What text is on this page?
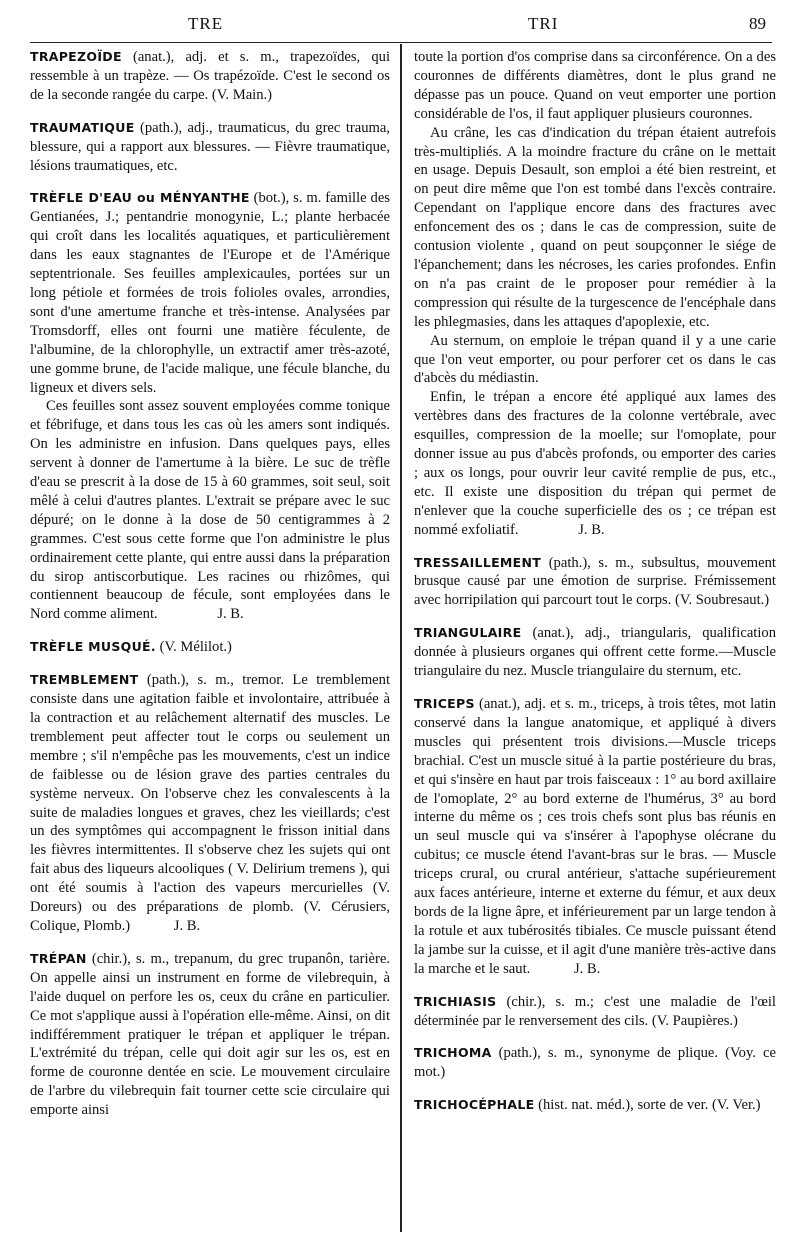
TRE	TRI	89

TRAPEZOÏDE (anat.), adj. et s. m., trapezoïdes, qui ressemble à un trapèze. — Os trapézoïde. C'est le second os de la seconde rangée du carpe. (V. Main.)

TRAUMATIQUE (path.), adj., traumaticus, du grec trauma, blessure, qui a rapport aux blessures. — Fièvre traumatique, lésions traumatiques, etc.

TRÈFLE D'EAU ou MÉNYANTHE (bot.), s. m. famille des Gentianées, J.; pentandrie monogynie, L.; plante herbacée qui croît dans les localités aquatiques, et particulièrement dans les eaux stagnantes de l'Europe et de l'Amérique septentrionale. Ses feuilles amplexicaules, portées sur un long pétiole et formées de trois folioles ovales, arrondies, sont d'une amertume franche et très-intense. Analysées par Tromsdorff, elles ont fourni une matière féculente, de l'albumine, de la chlorophylle, un extractif amer très-azoté, une gomme brune, de l'acide malique, une fécule blanche, du ligneux et divers sels.

Ces feuilles sont assez souvent employées comme tonique et fébrifuge, et dans tous les cas où les amers sont indiqués. On les administre en infusion. Dans quelques pays, elles servent à donner de l'amertume à la bière. Le suc de trèfle d'eau se prescrit à la dose de 15 à 60 grammes, soit seul, soit mêlé à celui d'autres plantes. L'extrait se prépare avec le suc dépuré; on le donne à la dose de 50 centigrammes à 2 grammes. C'est sous cette forme que l'on administre le plus ordinairement cette plante, qui entre aussi dans la préparation du sirop antiscorbutique. Les racines ou rhizômes, qui contiennent beaucoup de fécule, sont employées dans le Nord comme aliment.	J. B.

TRÈFLE MUSQUÉ. (V. Mélilot.)

TREMBLEMENT (path.), s. m., tremor. Le tremblement consiste dans une agitation faible et involontaire, attribuée à la contraction et au relâchement alternatif des muscles. Le tremblement peut affecter tout le corps ou seulement un membre ; s'il n'empêche pas les mouvements, c'est un indice de faiblesse ou de lésion grave des parties centrales du système nerveux. On l'observe chez les convalescents à la suite de maladies longues et graves, chez les vieillards; c'est un des symptômes qui accompagnent le frisson initial dans les fièvres intermittentes. Il s'observe chez les sujets qui ont fait abus des liqueurs alcooliques ( V. Delirium tremens ), qui ont été soumis à l'action des vapeurs mercurielles (V. Doreurs) ou des préparations de plomb. (V. Cérusiers, Colique, Plomb.)	J. B.

TRÉPAN (chir.), s. m., trepanum, du grec trupanôn, tarière. On appelle ainsi un instrument en forme de vilebrequin, à l'aide duquel on perfore les os, ceux du crâne en particulier. Ce mot s'applique aussi à l'opération elle-même. Ainsi, on dit indifféremment pratiquer le trépan et appliquer le trépan. L'extrémité du trépan, celle qui doit agir sur les os, est en forme de couronne dentée en scie. Le mouvement circulaire de l'arbre du vilebrequin fait tourner cette scie circulaire qui emporte ainsi

toute la portion d'os comprise dans sa circonférence. On a des couronnes de différents diamètres, dont le plus grand ne dépasse pas un pouce. Quand on veut emporter une portion considérable de l'os, il faut appliquer plusieurs couronnes.

Au crâne, les cas d'indication du trépan étaient autrefois très-multipliés. A la moindre fracture du crâne on le mettait en usage. Depuis Desault, son emploi a été bien restreint, et on peut dire même que l'on est tombé dans l'excès contraire. Cependant on l'applique encore dans des fractures avec enfoncement des os ; dans le cas de compression, suite de contusion violente , quand on peut soupçonner le siége de l'épanchement; dans les nécroses, les caries profondes. Enfin on n'a pas craint de le proposer pour remédier à la compression qui résulte de la turgescence de l'encéphale dans les phlegmasies, dans les attaques d'apoplexie, etc.

Au sternum, on emploie le trépan quand il y a une carie que l'on veut emporter, ou pour perforer cet os dans le cas d'abcès du médiastin.

Enfin, le trépan a encore été appliqué aux lames des vertèbres dans des fractures de la colonne vertébrale, avec esquilles, compression de la moelle; sur l'omoplate, pour donner issue au pus d'abcès profonds, ou emporter des caries ; aux os longs, pour ouvrir leur cavité remplie de pus, etc., etc. Il existe une disposition du trépan qui permet de n'enlever que la couche superficielle des os ; ce trépan est nommé exfoliatif.	J. B.

TRESSAILLEMENT (path.), s. m., subsultus, mouvement brusque causé par une émotion de surprise. Frémissement avec horripilation qui parcourt tout le corps. (V. Soubresaut.)

TRIANGULAIRE (anat.), adj., triangularis, qualification donnée à plusieurs organes qui offrent cette forme.—Muscle triangulaire du nez. Muscle triangulaire du sternum, etc.

TRICEPS (anat.), adj. et s. m., triceps, à trois têtes, mot latin conservé dans la langue anatomique, et appliqué à divers muscles qui présentent trois divisions.—Muscle triceps brachial. C'est un muscle situé à la partie postérieure du bras, et qui s'insère en haut par trois faisceaux : 1° au bord axillaire de l'omoplate, 2° au bord externe de l'humérus, 3° au bord interne du même os ; ces trois chefs sont plus bas réunis en un seul muscle qui va s'insérer à l'apophyse olécrane du cubitus; ce muscle étend l'avant-bras sur le bras. — Muscle triceps crural, ou crural antérieur, s'attache supérieurement aux faces antérieure, interne et externe du fémur, et aux deux bords de la ligne âpre, et inférieurement par un large tendon à la rotule et aux tubérosités tibiales. Ce muscle puissant étend la jambe sur la cuisse, et il agit d'une manière très-active dans la marche et le saut.	J. B.

TRICHIASIS (chir.), s. m.; c'est une maladie de l'œil déterminée par le renversement des cils. (V. Paupières.)

TRICHOMA (path.), s. m., synonyme de plique. (Voy. ce mot.)

TRICHOCÉPHALE (hist. nat. méd.), sorte de ver. (V. Ver.)
